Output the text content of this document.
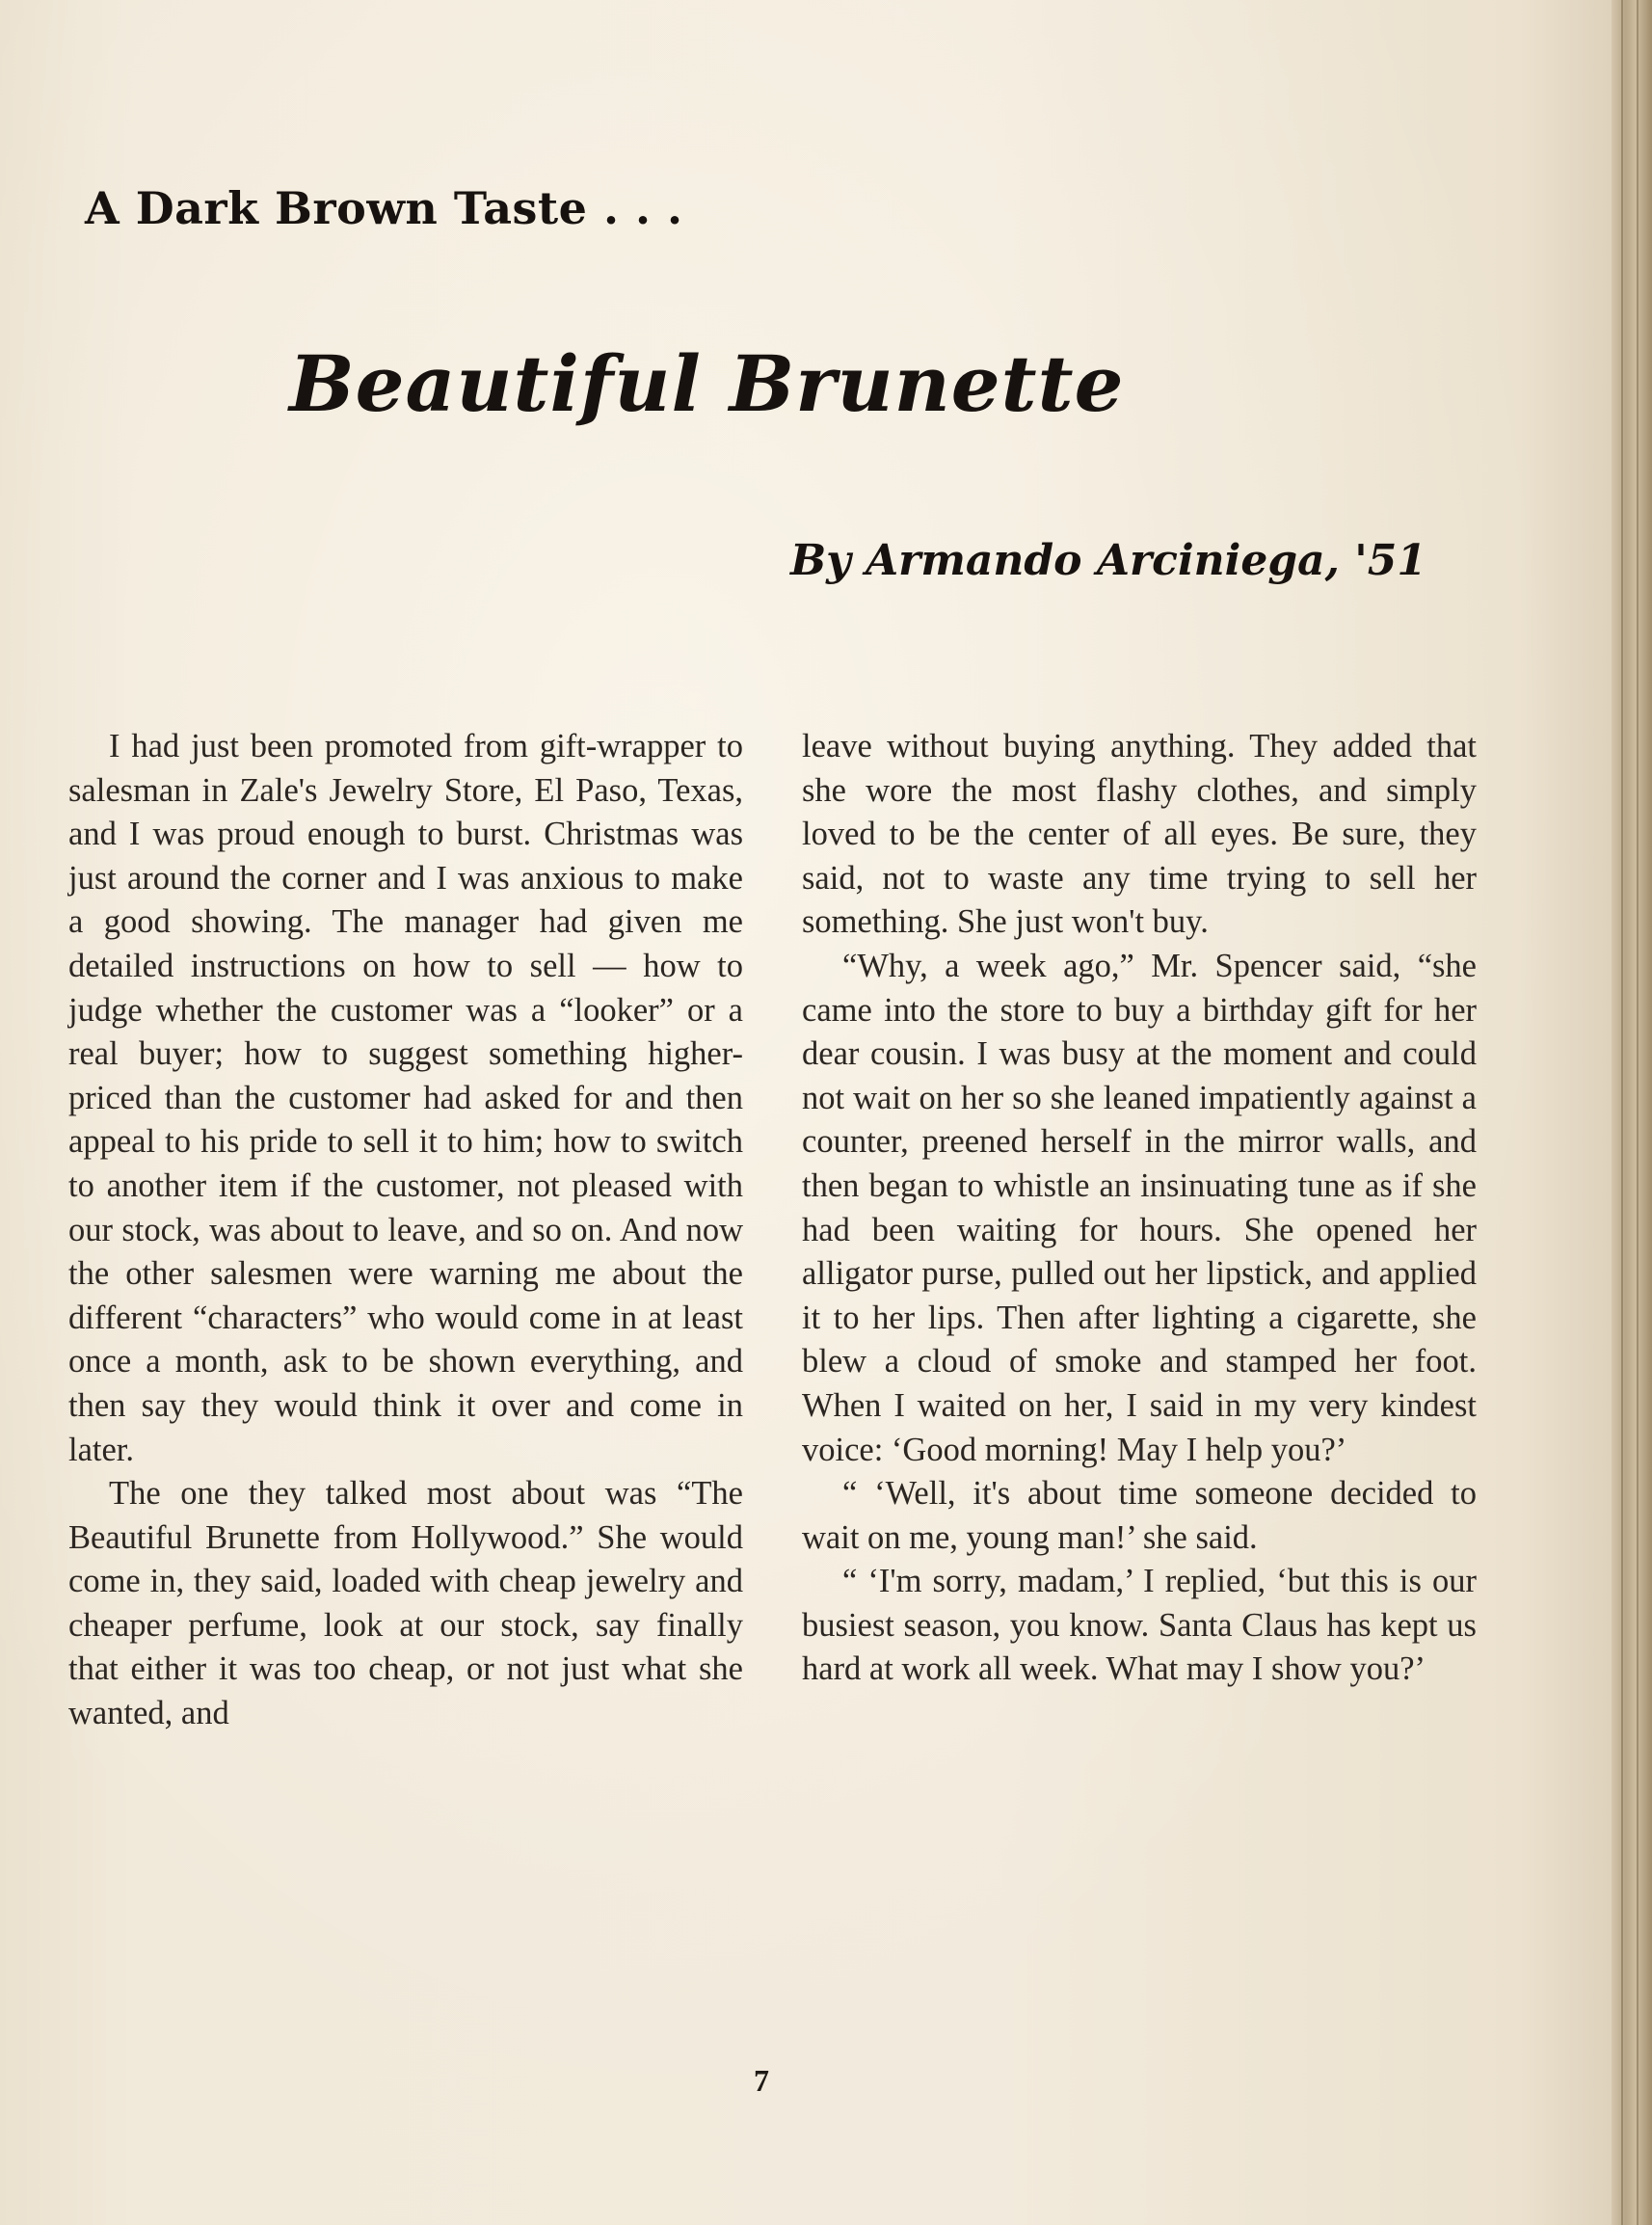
A Dark Brown Taste . . .
Beautiful Brunette
By Armando Arciniega, '51

I had just been promoted from gift-wrapper to salesman in Zale's Jewelry Store, El Paso, Texas, and I was proud enough to burst. Christmas was just around the corner and I was anxious to make a good showing. The manager had given me detailed instructions on how to sell — how to judge whether the customer was a “looker” or a real buyer; how to suggest something higher-priced than the customer had asked for and then appeal to his pride to sell it to him; how to switch to another item if the customer, not pleased with our stock, was about to leave, and so on. And now the other salesmen were warning me about the different “characters” who would come in at least once a month, ask to be shown everything, and then say they would think it over and come in later.

The one they talked most about was “The Beautiful Brunette from Hollywood.” She would come in, they said, loaded with cheap jewelry and cheaper perfume, look at our stock, say finally that either it was too cheap, or not just what she wanted, and

leave without buying anything. They added that she wore the most flashy clothes, and simply loved to be the center of all eyes. Be sure, they said, not to waste any time trying to sell her something. She just won't buy.

“Why, a week ago,” Mr. Spencer said, “she came into the store to buy a birthday gift for her dear cousin. I was busy at the moment and could not wait on her so she leaned impatiently against a counter, preened herself in the mirror walls, and then began to whistle an insinuating tune as if she had been waiting for hours. She opened her alligator purse, pulled out her lipstick, and applied it to her lips. Then after lighting a cigarette, she blew a cloud of smoke and stamped her foot. When I waited on her, I said in my very kindest voice: ‘Good morning! May I help you?’

“ ‘Well, it's about time someone decided to wait on me, young man!’ she said.

“ ‘I'm sorry, madam,’ I replied, ‘but this is our busiest season, you know. Santa Claus has kept us hard at work all week. What may I show you?’

7
